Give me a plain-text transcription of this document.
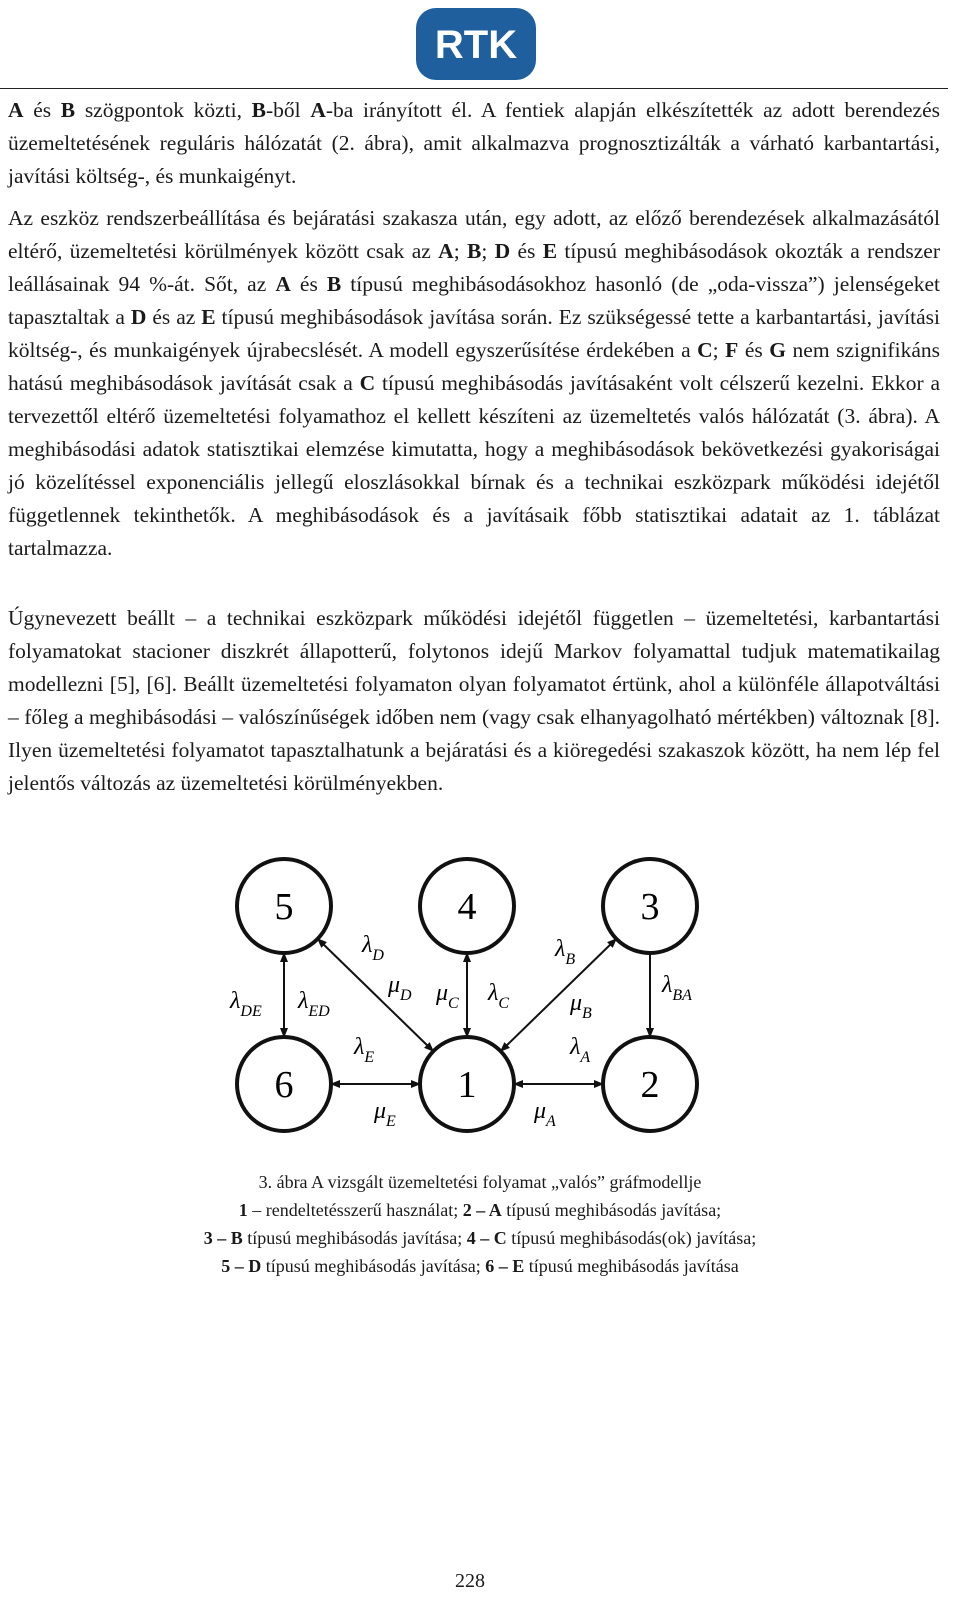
RTK

A és B szögpontok közti, B-ből A-ba irányított él. A fentiek alapján elkészítették az adott berendezés üzemeltetésének reguláris hálózatát (2. ábra), amit alkalmazva prognosztizálták a várható karbantartási, javítási költség-, és munkaigényt.

Az eszköz rendszerbeállítása és bejáratási szakasza után, egy adott, az előző berendezések alkalmazásától eltérő, üzemeltetési körülmények között csak az A; B; D és E típusú meghibásodások okozták a rendszer leállásainak 94 %-át. Sőt, az A és B típusú meghibásodásokhoz hasonló (de „oda-vissza”) jelenségeket tapasztaltak a D és az E típusú meghibásodások javítása során. Ez szükségessé tette a karbantartási, javítási költség-, és munkaigények újrabecslését. A modell egyszerűsítése érdekében a C; F és G nem szignifikáns hatású meghibásodások javítását csak a C típusú meghibásodás javításaként volt célszerű kezelni. Ekkor a tervezettől eltérő üzemeltetési folyamathoz el kellett készíteni az üzemeltetés valós hálózatát (3. ábra). A meghibásodási adatok statisztikai elemzése kimutatta, hogy a meghibásodások bekövetkezési gyakoriságai jó közelítéssel exponenciális jellegű eloszlásokkal bírnak és a technikai eszközpark működési idejétől függetlennek tekinthetők. A meghibásodások és a javításaik főbb statisztikai adatait az 1. táblázat tartalmazza.

Úgynevezett beállt – a technikai eszközpark működési idejétől független – üzemeltetési, karbantartási folyamatokat stacioner diszkrét állapotterű, folytonos idejű Markov folyamattal tudjuk matematikailag modellezni [5], [6]. Beállt üzemeltetési folyamaton olyan folyamatot értünk, ahol a különféle állapotváltási – főleg a meghibásodási – valószínűségek időben nem (vagy csak elhanyagolható mértékben) változnak [8]. Ilyen üzemeltetési folyamatot tapasztalhatunk a bejáratási és a kiöregedési szakaszok között, ha nem lép fel jelentős változás az üzemeltetési körülményekben.

5	4	3
6	1	2
$\lambda_{DE}$ $\lambda_{ED}$
$\lambda_D$
$\mu_D$ $\mu_C$ $\lambda_C$
$\lambda_B$
$\mu_B$
$\lambda_{BA}$
$\lambda_E$	$\lambda_A$
$\mu_E$	$\mu_A$
3. ábra A vizsgált üzemeltetési folyamat „valós” gráfmodellje
1 – rendeltetésszerű használat; 2 – A típusú meghibásodás javítása;
3 – B típusú meghibásodás javítása; 4 – C típusú meghibásodás(ok) javítása;
5 – D típusú meghibásodás javítása; 6 – E típusú meghibásodás javítása
228
